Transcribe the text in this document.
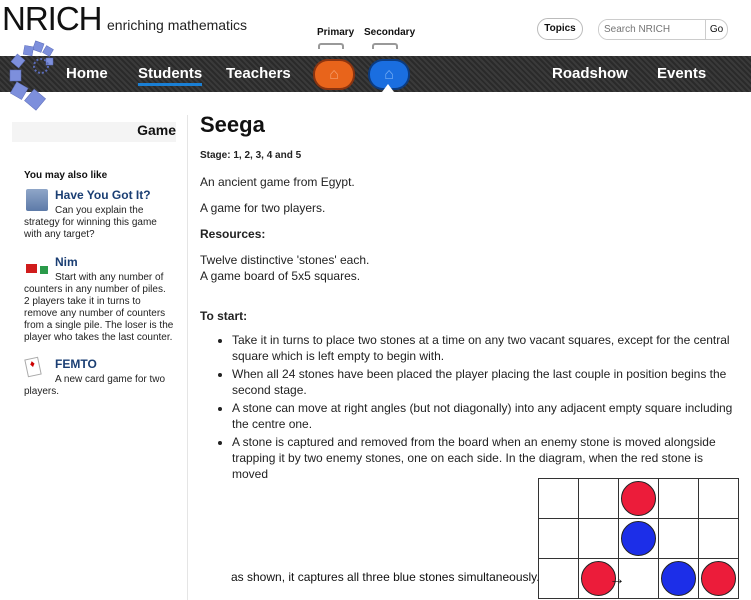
NRICH enriching mathematics	Primary Secondary	Topics
Search NRICH	Go
Home Students Teachers ⌂	⌂	Roadshow Events
Game
You may also like
Have You Got It?
Can you explain the strategy for winning this game with any target?
Nim
Start with any number of counters in any number of piles. 2 players take it in turns to remove any number of counters from a single pile. The loser is the player who takes the last counter.
♦	FEMTO
A new card game for two players.
Seega
Stage: 1, 2, 3, 4 and 5

An ancient game from Egypt.

A game for two players.

Resources:

Twelve distinctive 'stones' each.

A game board of 5x5 squares.
To start:
• Take it in turns to place two stones at a time on any two vacant squares, except for the central square which is left empty to begin with.
• When all 24 stones have been placed the player placing the last couple in position begins the second stage.
• A stone can move at right angles (but not diagonally) into any adjacent empty square including the centre one.
• A stone is captured and removed from the board when an enemy stone is moved alongside trapping it by two enemy stones, one on each side. In the diagram, when the red stone is moved
as shown, it captures all three blue stones simultaneously.

		→		
